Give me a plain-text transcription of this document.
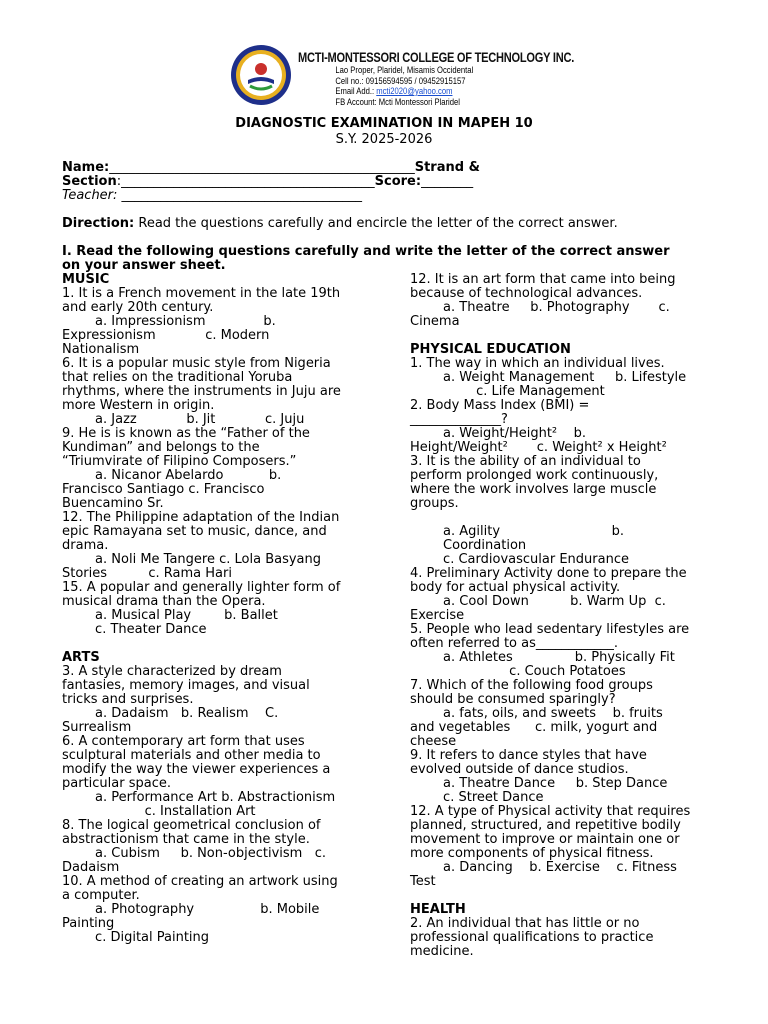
MCTI-MONTESSORI COLLEGE OF TECHNOLOGY INC.
Lao Proper, Plaridel, Misamis Occidental
Cell no.: 09156594595 / 09452915157
Email Add.: mcti2020@yahoo.com
FB Account: Mcti Montessori Plaridel
DIAGNOSTIC EXAMINATION IN MAPEH 10
S.Y. 2025-2026
Name:_______________________________________________Strand &
Section:_______________________________________Score:________
Teacher: _____________________________________
Direction: Read the questions carefully and encircle the letter of the correct answer.
I. Read the following questions carefully and write the letter of the correct answer
on your answer sheet.
MUSIC
1. It is a French movement in the late 19th
and early 20th century.
a. Impressionism              b.
Expressionism            c. Modern
Nationalism
6. It is a popular music style from Nigeria
that relies on the traditional Yoruba
rhythms, where the instruments in Juju are
more Western in origin.
a. Jazz            b. Jit            c. Juju
9. He is is known as the “Father of the
Kundiman” and belongs to the
“Triumvirate of Filipino Composers.”
a. Nicanor Abelardo           b.
Francisco Santiago c. Francisco
Buencamino Sr.
12. The Philippine adaptation of the Indian
epic Ramayana set to music, dance, and
drama.
a. Noli Me Tangere c. Lola Basyang
Stories          c. Rama Hari
15. A popular and generally lighter form of
musical drama than the Opera.
a. Musical Play        b. Ballet
c. Theater Dance
ARTS
3. A style characterized by dream
fantasies, memory images, and visual
tricks and surprises.
a. Dadaism   b. Realism    C.
Surrealism
6. A contemporary art form that uses
sculptural materials and other media to
modify the way the viewer experiences a
particular space.
a. Performance Art b. Abstractionism
c. Installation Art
8. The logical geometrical conclusion of
abstractionism that came in the style.
a. Cubism     b. Non-objectivism   c.
Dadaism
10. A method of creating an artwork using
a computer.
a. Photography                b. Mobile
Painting
c. Digital Painting
12. It is an art form that came into being
because of technological advances.
a. Theatre     b. Photography       c.
Cinema
PHYSICAL EDUCATION
1. The way in which an individual lives.
a. Weight Management     b. Lifestyle
c. Life Management
2. Body Mass Index (BMI) =
______________?
a. Weight/Height²    b.
Height/Weight²       c. Weight² x Height²
3. It is the ability of an individual to
perform prolonged work continuously,
where the work involves large muscle
groups.
a. Agility                           b.
Coordination
c. Cardiovascular Endurance
4. Preliminary Activity done to prepare the
body for actual physical activity.
a. Cool Down          b. Warm Up  c.
Exercise
5. People who lead sedentary lifestyles are
often referred to as____________.
a. Athletes               b. Physically Fit
c. Couch Potatoes
7. Which of the following food groups
should be consumed sparingly?
a. fats, oils, and sweets    b. fruits
and vegetables      c. milk, yogurt and
cheese
9. It refers to dance styles that have
evolved outside of dance studios.
a. Theatre Dance     b. Step Dance
c. Street Dance
12. A type of Physical activity that requires
planned, structured, and repetitive bodily
movement to improve or maintain one or
more components of physical fitness.
a. Dancing    b. Exercise    c. Fitness
Test
HEALTH
2. An individual that has little or no
professional qualifications to practice
medicine.
